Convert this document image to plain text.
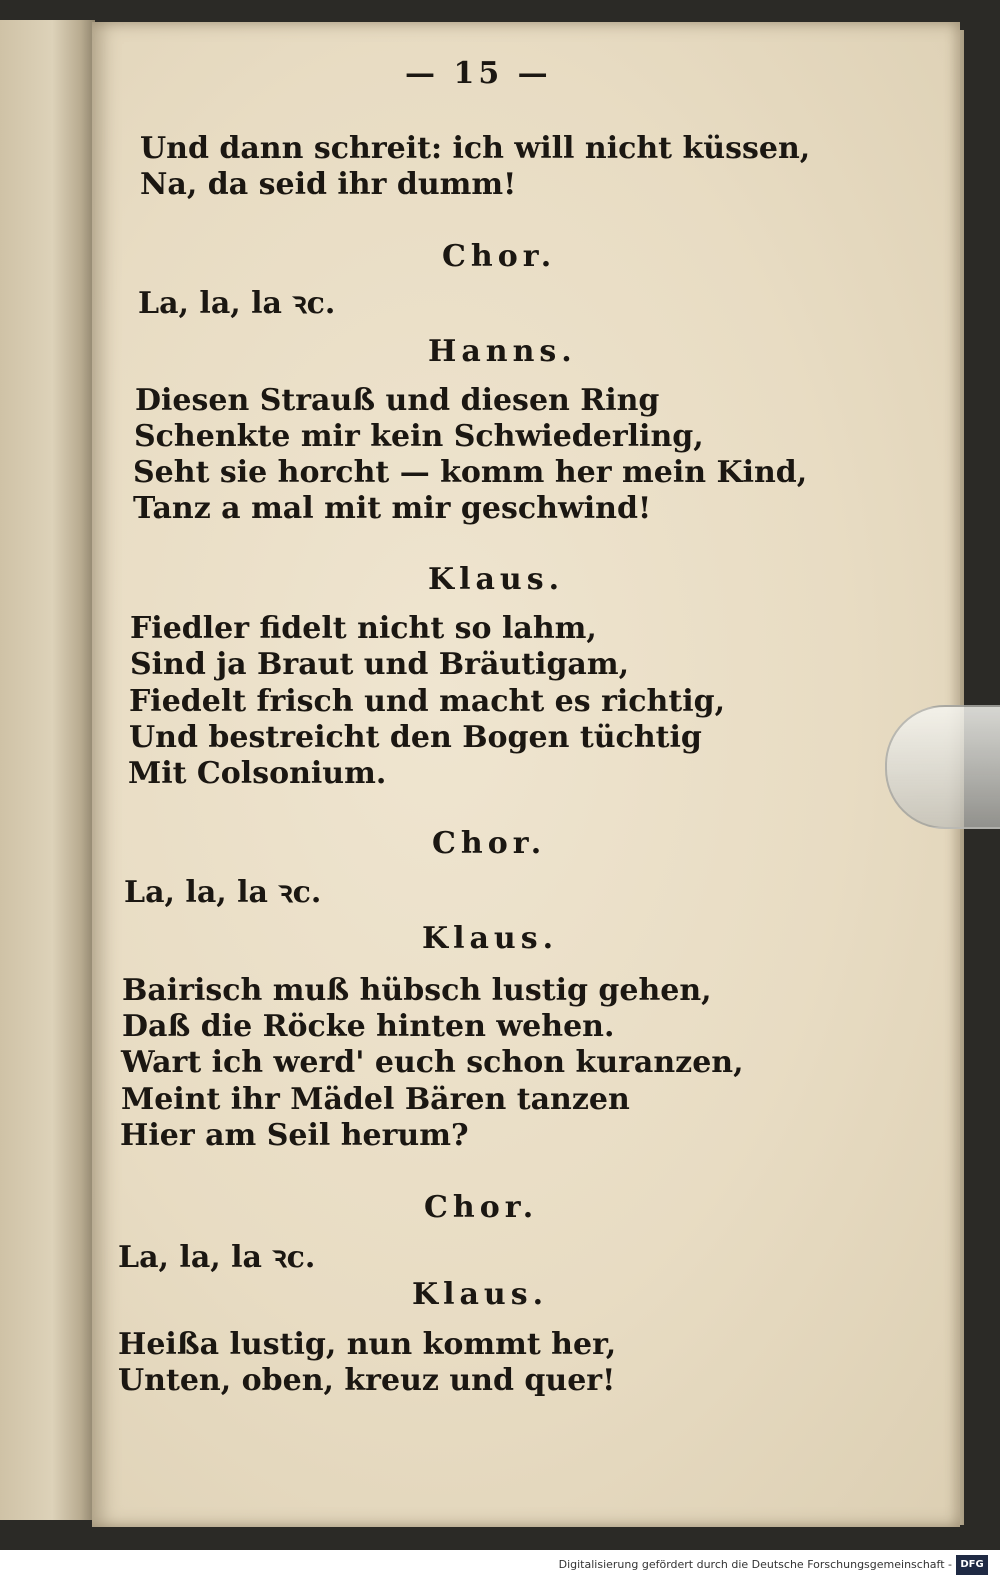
— 15 —
Und dann schreit: ich will nicht küssen,
Na, da seid ihr dumm!
Chor.
La, la, la ꝛc.
Hanns.
Diesen Strauß und diesen Ring
Schenkte mir kein Schwiederling,
Seht sie horcht — komm her mein Kind,
Tanz a mal mit mir geschwind!
Klaus.
Fiedler fidelt nicht so lahm,
Sind ja Braut und Bräutigam,
Fiedelt frisch und macht es richtig,
Und bestreicht den Bogen tüchtig
Mit Colsonium.
Chor.
La, la, la ꝛc.
Klaus.
Bairisch muß hübsch lustig gehen,
Daß die Röcke hinten wehen.
Wart ich werd' euch schon kuranzen,
Meint ihr Mädel Bären tanzen
Hier am Seil herum?
Chor.
La, la, la ꝛc.
Klaus.
Heißa lustig, nun kommt her,
Unten, oben, kreuz und quer!
Digitalisierung gefördert durch die Deutsche Forschungsgemeinschaft - DFG
